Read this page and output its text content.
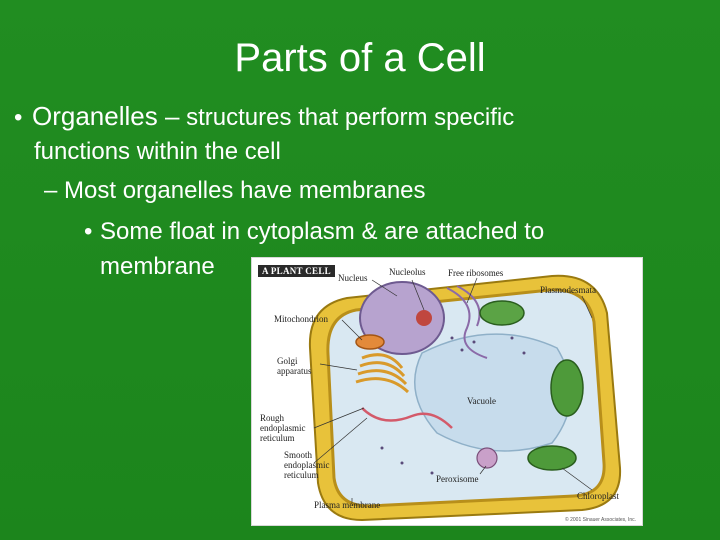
Parts of a Cell
• Organelles – structures that perform specific
functions within the cell
– Most organelles have membranes
• Some float in cytoplasm & are attached to
membrane	A PLANT CELL
Nucleus
Nucleolus	Free ribosomes
Plasmodesmata
Mitochondrion
Golgi
apparatus
Vacuole
Rough
endoplasmic
reticulum
Smooth
endoplasmic
reticulum	Peroxisome
Chloroplast
Plasma membrane
© 2001 Sinauer Associates, Inc.
